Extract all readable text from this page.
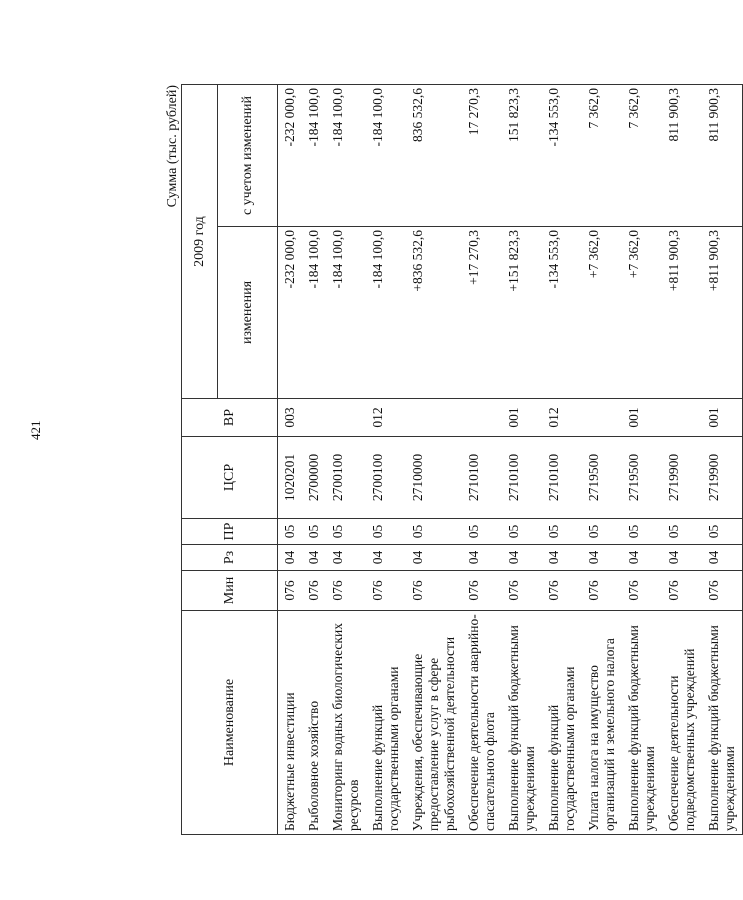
421
Сумма (тыс. рублей)
Наименование	Мин	Рз	ПР	ЦСР	ВР	2009 год	
						изменения	с учетом изменений
Бюджетные инвестиции	076	04	05	1020201	003	-232 000,0	-232 000,0
Рыболовное хозяйство	076	04	05	2700000		-184 100,0	-184 100,0
Мониторинг водных биологических ресурсов	076	04	05	2700100		-184 100,0	-184 100,0
Выполнение функций государственными органами	076	04	05	2700100	012	-184 100,0	-184 100,0
Учреждения, обеспечивающие предоставление услуг в сфере рыбохозяйственной деятельности	076	04	05	2710000		+836 532,6	836 532,6
Обеспечение деятельности аварийно-спасательного флота	076	04	05	2710100		+17 270,3	17 270,3
Выполнение функций бюджетными учреждениями	076	04	05	2710100	001	+151 823,3	151 823,3
Выполнение функций государственными органами	076	04	05	2710100	012	-134 553,0	-134 553,0
Уплата налога на имущество организаций и земельного налога	076	04	05	2719500		+7 362,0	7 362,0
Выполнение функций бюджетными учреждениями	076	04	05	2719500	001	+7 362,0	7 362,0
Обеспечение деятельности подведомственных учреждений	076	04	05	2719900		+811 900,3	811 900,3
Выполнение функций бюджетными учреждениями	076	04	05	2719900	001	+811 900,3	811 900,3
